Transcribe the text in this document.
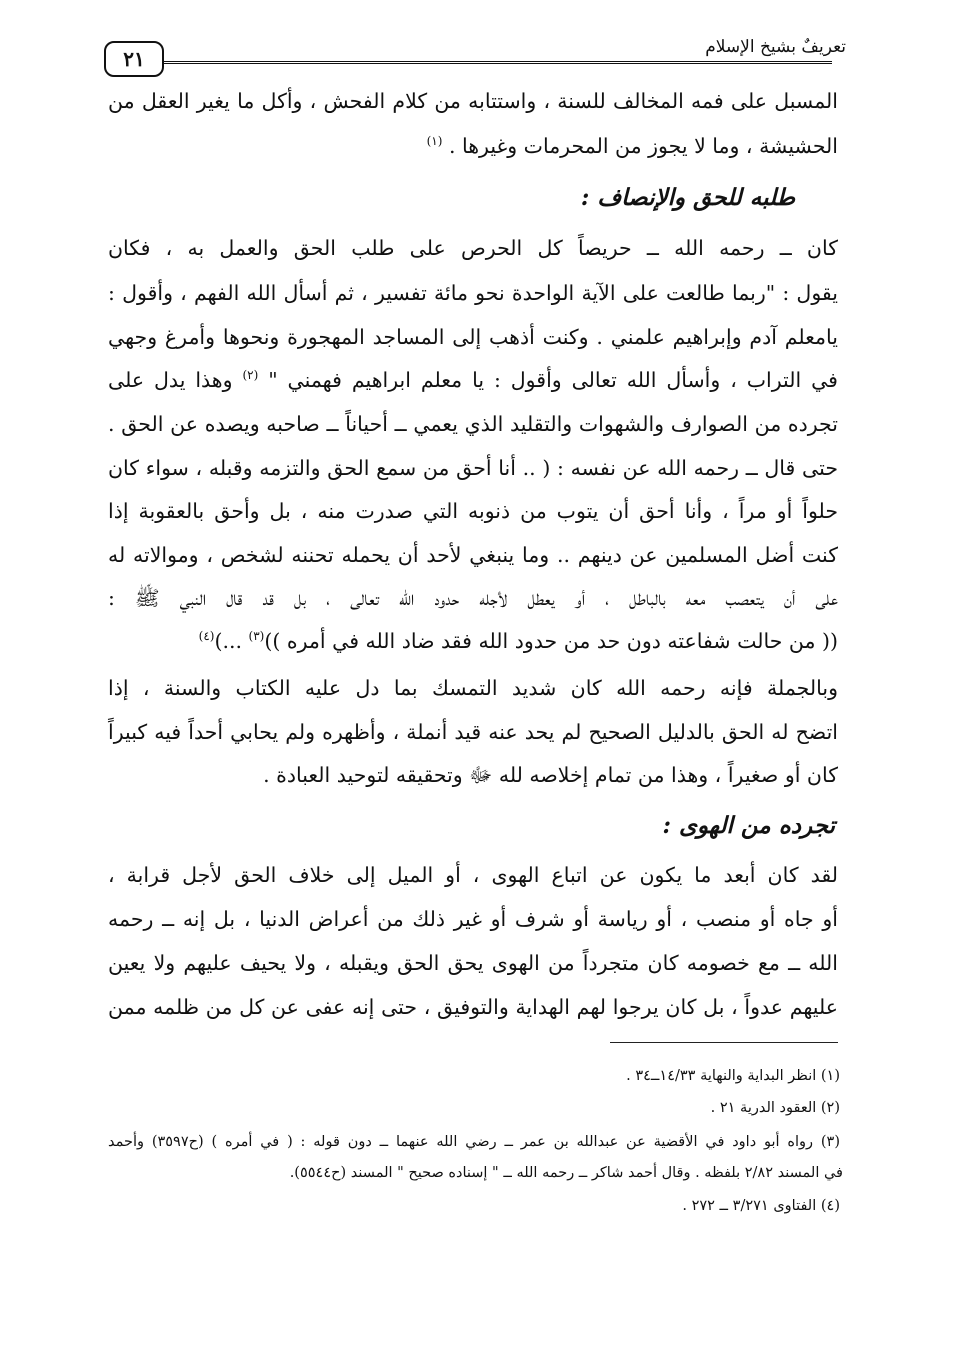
تعريفٌ بشيخ الإسلام
٢١
المسبل على فمه المخالف للسنة ، واستتابه من كلام الفحش ، وأكل ما يغير العقل من
الحشيشة ، وما لا يجوز من المحرمات وغيرها . $^{(١)}$
طلبه للحق والإنصاف :
كان ــ رحمه الله ــ حريصاً كل الحرص على طلب الحق والعمل به ، فكان
يقول : "ربما طالعت على الآية الواحدة نحو مائة تفسير ، ثم أسأل الله الفهم ، وأقول :
يامعلم آدم وإبراهيم علمني . وكنت أذهب إلى المساجد المهجورة ونحوها وأمرغ وجهي
في التراب ، وأسأل الله تعالى وأقول : يا معلم ابراهيم فهمني " $^{(٢)}$ وهذا يدل على
تجرده من الصوارف والشهوات والتقليد الذي يعمي ــ أحياناً ــ صاحبه ويصده عن الحق .
حتى قال ــ رحمه الله عن نفسه : ( .. أنا أحق من سمع الحق والتزمه وقبله ، سواء كان
حلواً أو مراً ، وأنا أحق أن يتوب من ذنوبه التي صدرت منه ، بل وأحق بالعقوبة إذا
كنت أضل المسلمين عن دينهم .. وما ينبغي لأحد أن يحمله تحننه لشخص ، وموالاته له
على أن يتعصب معه بالباطل ، أو يعطل لأجله حدود الله تعالى ، بل قد قال النبي ﷺ :
(( من حالت شفاعته دون حد من حدود الله فقد ضاد الله في أمره ))$^{(٣)}$ ...)$^{(٤)}$
وبالجملة فإنه رحمه الله كان شديد التمسك بما دل عليه الكتاب والسنة ، إذا
اتضح له الحق بالدليل الصحيح لم يحد عنه قيد أنملة ، وأظهره ولم يحابي أحداً فيه كبيراً
كان أو صغيراً ، وهذا من تمام إخلاصه لله ﷻ وتحقيقه لتوحيد العبادة .
تجرده من الهوى :
لقد كان أبعد ما يكون عن اتباع الهوى ، أو الميل إلى خلاف الحق لأجل قرابة ،
أو جاه أو منصب ، أو رياسة أو شرف أو غير ذلك من أعراض الدنيا ، بل إنه ــ رحمه
الله ــ مع خصومه كان متجرداً من الهوى يحق الحق ويقبله ، ولا يحيف عليهم ولا يعين
عليهم عدواً ، بل كان يرجوا لهم الهداية والتوفيق ، حتى إنه عفى عن كل من ظلمه ممن
(١) انظر البداية والنهاية ١٤/٣٣ــ٣٤ .
(٢) العقود الدرية ٢١ .
(٣) رواه أبو داود في الأقضية عن عبدالله بن عمر ــ رضي الله عنهما ــ دون قوله : ( في أمره ) (ح٣٥٩٧) وأحمد
في المسند ٢/٨٢ بلفظه . وقال أحمد شاكر ــ رحمه الله ــ " إسناده صحيح " المسند (ح٥٥٤٤).
(٤) الفتاوى ٣/٢٧١ ــ ٢٧٢ .
